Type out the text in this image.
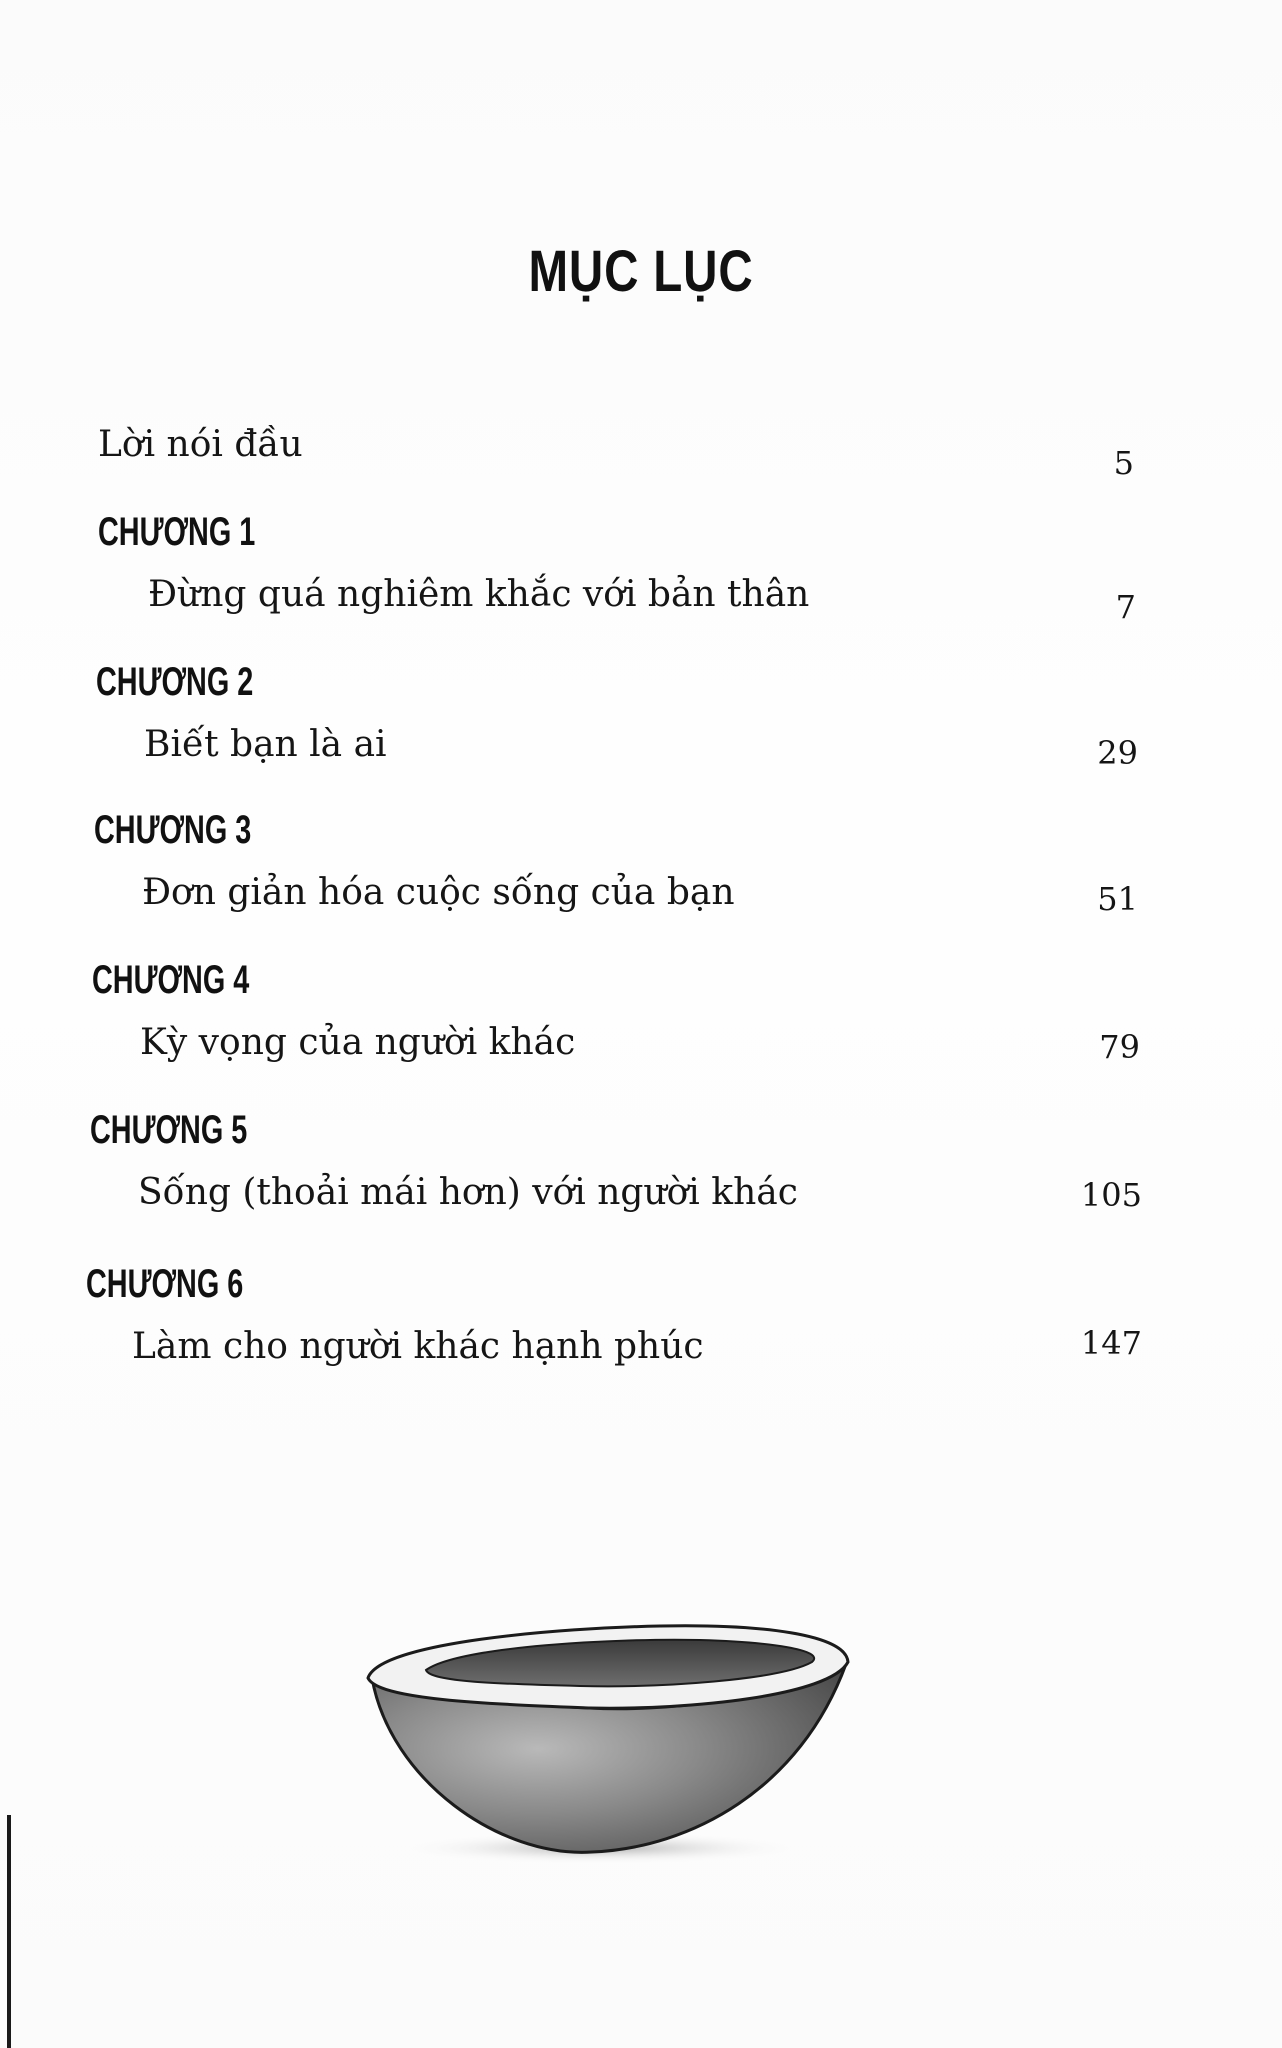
MỤC LỤC
Lời nói đầu	5
CHƯƠNG 1
Đừng quá nghiêm khắc với bản thân	7
CHƯƠNG 2
Biết bạn là ai	29
CHƯƠNG 3
Đơn giản hóa cuộc sống của bạn	51
CHƯƠNG 4
Kỳ vọng của người khác	79
CHƯƠNG 5
Sống (thoải mái hơn) với người khác	105
CHƯƠNG 6
Làm cho người khác hạnh phúc	147
